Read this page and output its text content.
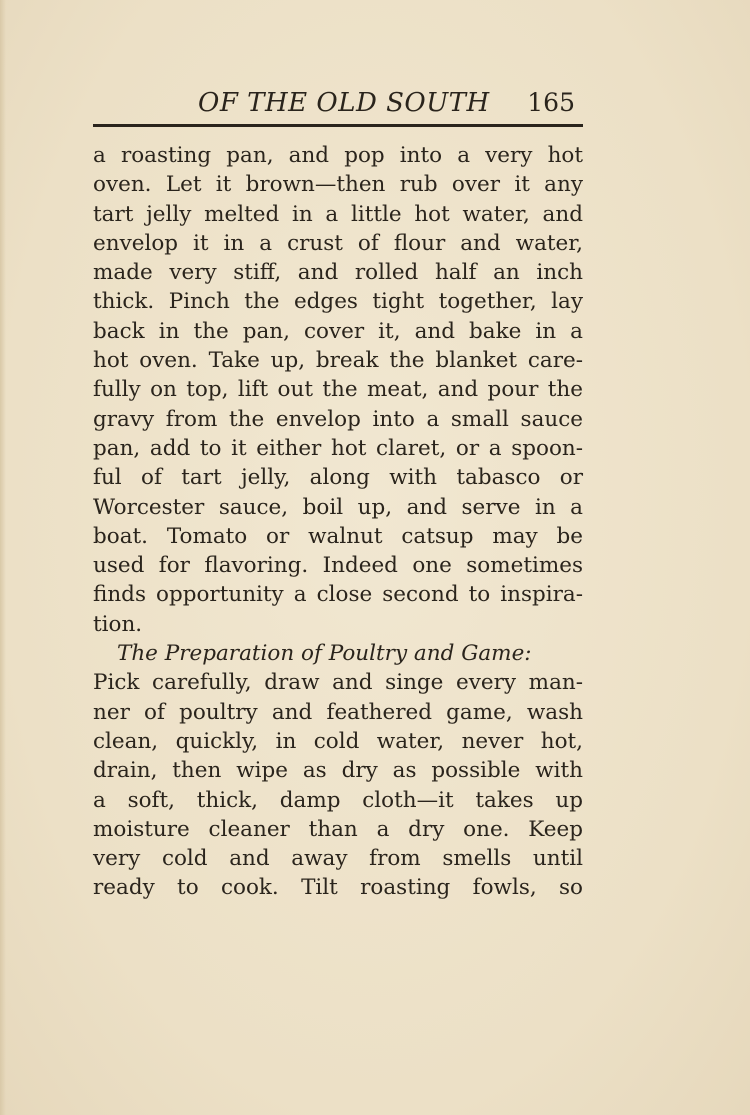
OF THE OLD SOUTH 165
a roasting pan, and pop into a very hot
oven. Let it brown—then rub over it any
tart jelly melted in a little hot water, and
envelop it in a crust of flour and water,
made very stiff, and rolled half an inch
thick. Pinch the edges tight together, lay
back in the pan, cover it, and bake in a
hot oven. Take up, break the blanket care-
fully on top, lift out the meat, and pour the
gravy from the envelop into a small sauce
pan, add to it either hot claret, or a spoon-
ful of tart jelly, along with tabasco or
Worcester sauce, boil up, and serve in a
boat. Tomato or walnut catsup may be
used for flavoring. Indeed one sometimes
finds opportunity a close second to inspira-
tion.
The Preparation of Poultry and Game:
Pick carefully, draw and singe every man-
ner of poultry and feathered game, wash
clean, quickly, in cold water, never hot,
drain, then wipe as dry as possible with
a soft, thick, damp cloth—it takes up
moisture cleaner than a dry one. Keep
very cold and away from smells until
ready to cook. Tilt roasting fowls, so
